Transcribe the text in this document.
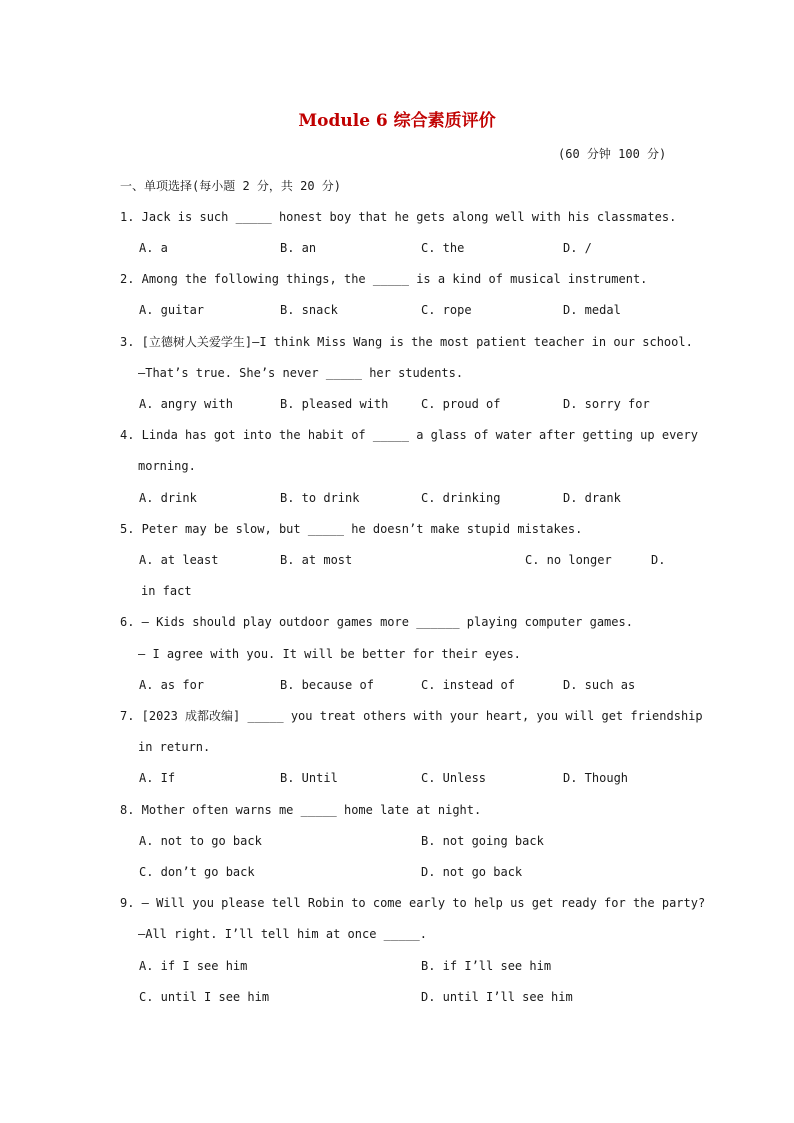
Module 6 综合素质评价
(60 分钟 100 分)
一、单项选择(每小题 2 分，共 20 分)
1. Jack is such _____ honest boy that he gets along well with his classmates.
A. a	B. an	C. the	D. /
2. Among the following things, the _____ is a kind of musical instrument.
A. guitar	B. snack	C. rope	D. medal
3. [立德树人关爱学生]—I think Miss Wang is the most patient teacher in our school.
—That’s true. She’s never _____ her students.
A. angry with	B. pleased with	C. proud of	D. sorry for
4. Linda has got into the habit of _____ a glass of water after getting up every
morning.
A. drink	B. to drink	C. drinking	D. drank
5. Peter may be slow, but _____ he doesn’t make stupid mistakes.
A. at least	B. at most	C. no longer	D.
in fact
6. — Kids should play outdoor games more ______ playing computer games.
— I agree with you. It will be better for their eyes.
A. as for	B. because of	C. instead of	D. such as
7. [2023 成都改编] _____ you treat others with your heart, you will get friendship
in return.
A. If	B. Until	C. Unless	D. Though
8. Mother often warns me _____ home late at night.
A. not to go back	B. not going back
C. don’t go back	D. not go back
9. — Will you please tell Robin to come early to help us get ready for the party?
—All right. I’ll tell him at once _____.
A. if I see him	B. if I’ll see him
C. until I see him	D. until I’ll see him
